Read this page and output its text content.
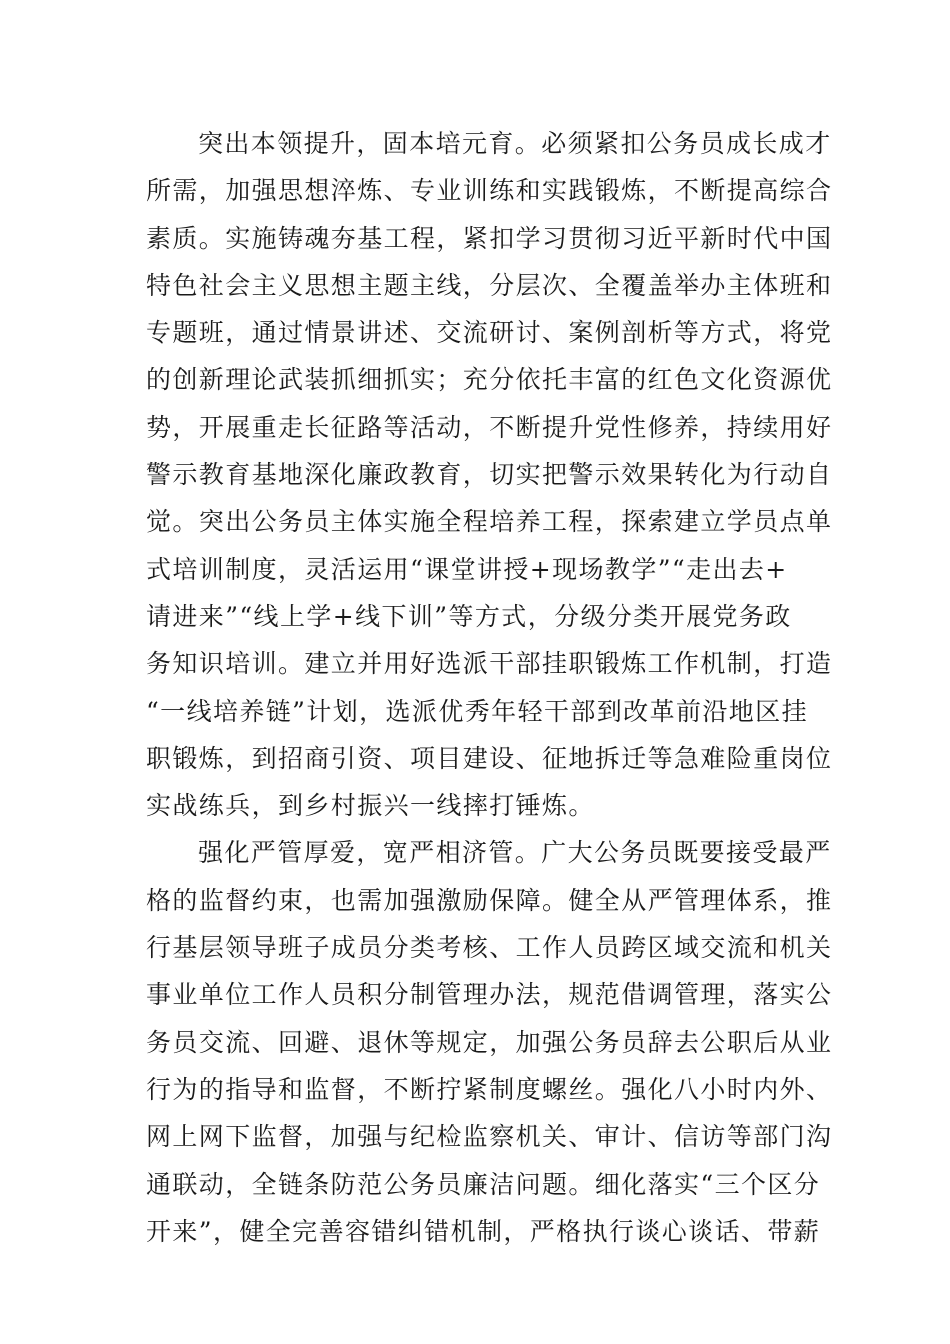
突出本领提升，固本培元育。必须紧扣公务员成长成才
所需，加强思想淬炼、专业训练和实践锻炼，不断提高综合
素质。实施铸魂夯基工程，紧扣学习贯彻习近平新时代中国
特色社会主义思想主题主线，分层次、全覆盖举办主体班和
专题班，通过情景讲述、交流研讨、案例剖析等方式，将党
的创新理论武装抓细抓实；充分依托丰富的红色文化资源优
势，开展重走长征路等活动，不断提升党性修养，持续用好
警示教育基地深化廉政教育，切实把警示效果转化为行动自
觉。突出公务员主体实施全程培养工程，探索建立学员点单
式培训制度，灵活运用“课堂讲授+现场教学”“走出去+
请进来”“线上学+线下训”等方式，分级分类开展党务政
务知识培训。建立并用好选派干部挂职锻炼工作机制，打造
“一线培养链”计划，选派优秀年轻干部到改革前沿地区挂
职锻炼，到招商引资、项目建设、征地拆迁等急难险重岗位
实战练兵，到乡村振兴一线摔打锤炼。
强化严管厚爱，宽严相济管。广大公务员既要接受最严
格的监督约束，也需加强激励保障。健全从严管理体系，推
行基层领导班子成员分类考核、工作人员跨区域交流和机关
事业单位工作人员积分制管理办法，规范借调管理，落实公
务员交流、回避、退休等规定，加强公务员辞去公职后从业
行为的指导和监督，不断拧紧制度螺丝。强化八小时内外、
网上网下监督，加强与纪检监察机关、审计、信访等部门沟
通联动，全链条防范公务员廉洁问题。细化落实“三个区分
开来”，健全完善容错纠错机制，严格执行谈心谈话、带薪
